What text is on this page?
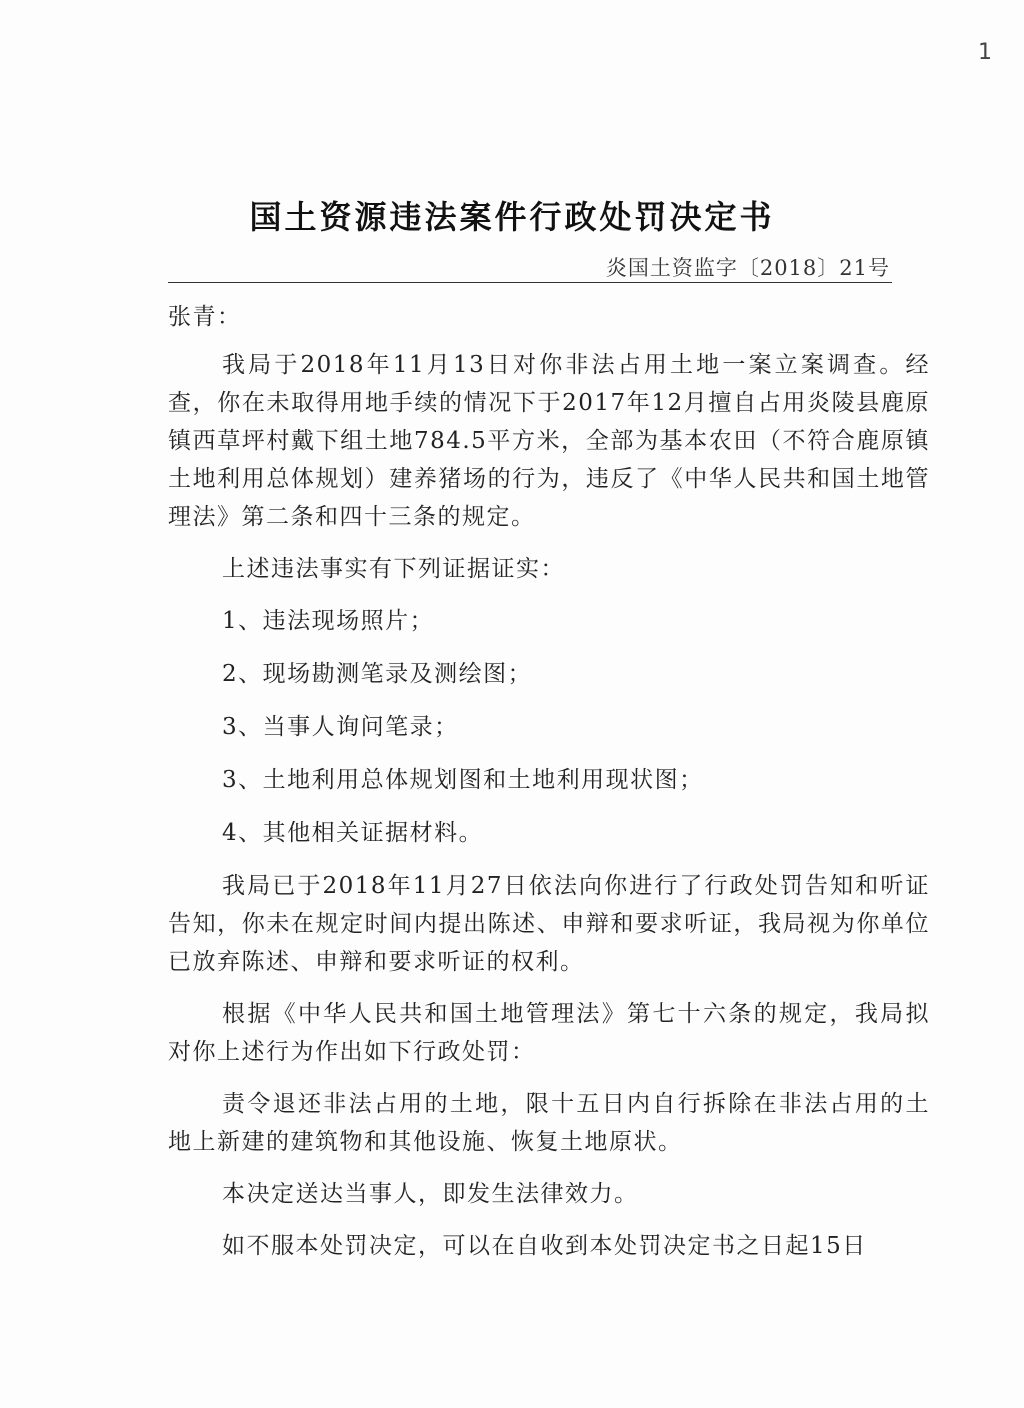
1
国土资源违法案件行政处罚决定书
炎国土资监字〔2018〕21号

张青：

我局于2018年11月13日对你非法占用土地一案立案调查。经查，你在未取得用地手续的情况下于2017年12月擅自占用炎陵县鹿原镇西草坪村戴下组土地784.5平方米，全部为基本农田（不符合鹿原镇土地利用总体规划）建养猪场的行为，违反了《中华人民共和国土地管理法》第二条和四十三条的规定。

上述违法事实有下列证据证实：

1、违法现场照片；

2、现场勘测笔录及测绘图；

3、当事人询问笔录；

3、土地利用总体规划图和土地利用现状图；

4、其他相关证据材料。

我局已于2018年11月27日依法向你进行了行政处罚告知和听证告知，你未在规定时间内提出陈述、申辩和要求听证，我局视为你单位已放弃陈述、申辩和要求听证的权利。

根据《中华人民共和国土地管理法》第七十六条的规定，我局拟对你上述行为作出如下行政处罚：

责令退还非法占用的土地，限十五日内自行拆除在非法占用的土地上新建的建筑物和其他设施、恢复土地原状。

本决定送达当事人，即发生法律效力。

如不服本处罚决定，可以在自收到本处罚决定书之日起15日
